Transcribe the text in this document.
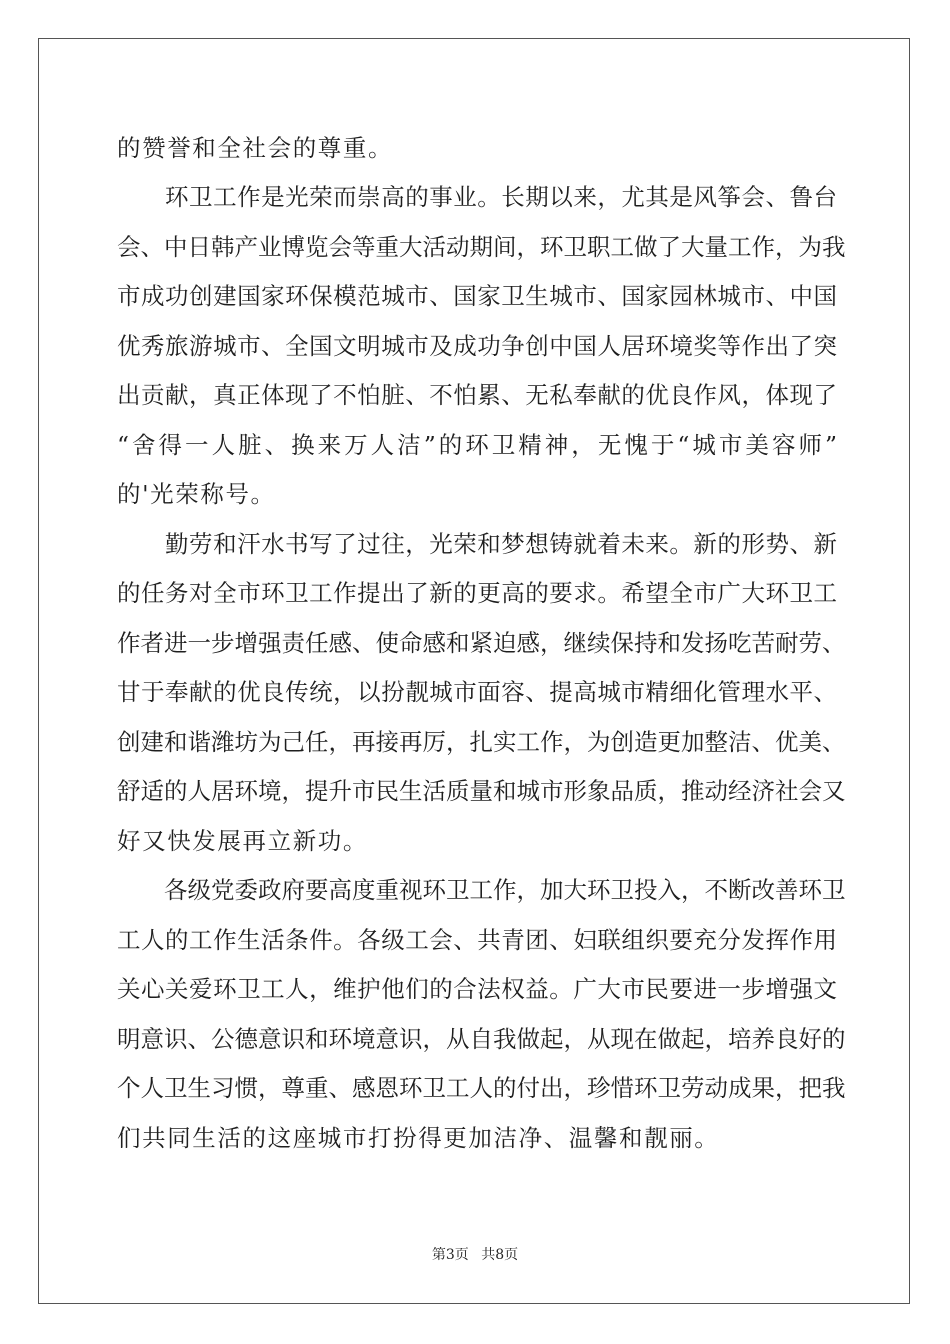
的赞誉和全社会的尊重。
　　环卫工作是光荣而崇高的事业。长期以来，尤其是风筝会、鲁台
会、中日韩产业博览会等重大活动期间，环卫职工做了大量工作，为我
市成功创建国家环保模范城市、国家卫生城市、国家园林城市、中国
优秀旅游城市、全国文明城市及成功争创中国人居环境奖等作出了突
出贡献，真正体现了不怕脏、不怕累、无私奉献的优良作风，体现了
“舍得一人脏、换来万人洁”的环卫精神，无愧于“城市美容师”
的'光荣称号。
　　勤劳和汗水书写了过往，光荣和梦想铸就着未来。新的形势、新
的任务对全市环卫工作提出了新的更高的要求。希望全市广大环卫工
作者进一步增强责任感、使命感和紧迫感，继续保持和发扬吃苦耐劳、
甘于奉献的优良传统，以扮靓城市面容、提高城市精细化管理水平、
创建和谐潍坊为己任，再接再厉，扎实工作，为创造更加整洁、优美、
舒适的人居环境，提升市民生活质量和城市形象品质，推动经济社会又
好又快发展再立新功。
　　各级党委政府要高度重视环卫工作，加大环卫投入，不断改善环卫
工人的工作生活条件。各级工会、共青团、妇联组织要充分发挥作用
关心关爱环卫工人，维护他们的合法权益。广大市民要进一步增强文
明意识、公德意识和环境意识，从自我做起，从现在做起，培养良好的
个人卫生习惯，尊重、感恩环卫工人的付出，珍惜环卫劳动成果，把我
们共同生活的这座城市打扮得更加洁净、温馨和靓丽。
第3页 共8页
